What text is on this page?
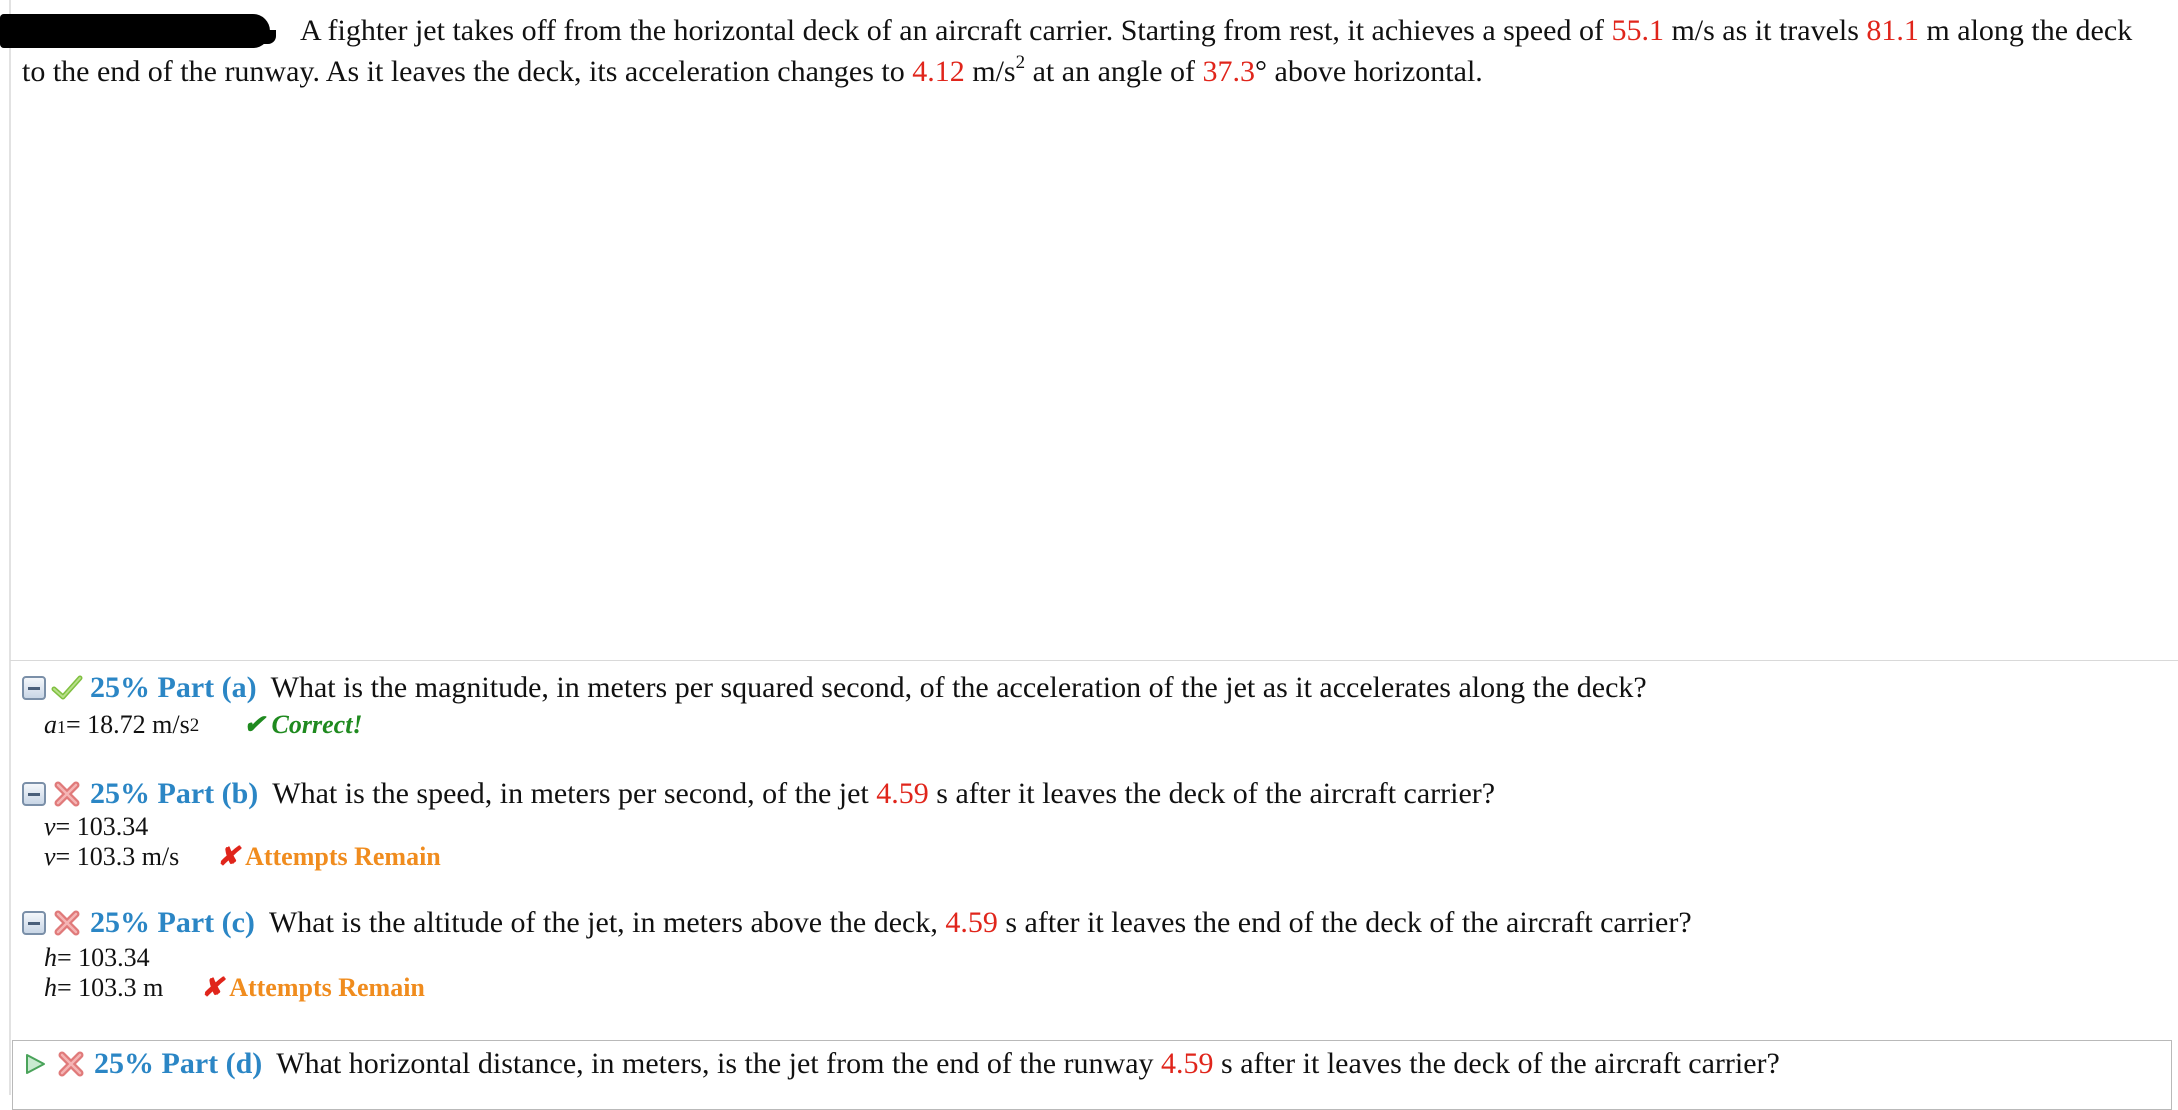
A fighter jet takes off from the horizontal deck of an aircraft carrier. Starting from rest, it achieves a speed of 55.1 m/s as it travels 81.1 m along the deck to the end of the runway. As it leaves the deck, its acceleration changes to 4.12 $m/s^2$ at an angle of 37.3° above horizontal.
25% Part (a) What is the magnitude, in meters per squared second, of the acceleration of the jet as it accelerates along the deck?
a 1 = 18.72 $m/s^2$ ✔ Correct!
25% Part (b) What is the speed, in meters per second, of the jet 4.59 s after it leaves the deck of the aircraft carrier?
v = 103.34
v = 103.3 m/s ✘ Attempts Remain
25% Part (c) What is the altitude of the jet, in meters above the deck, 4.59 s after it leaves the end of the deck of the aircraft carrier?
h = 103.34
h = 103.3 m ✘ Attempts Remain
25% Part (d) What horizontal distance, in meters, is the jet from the end of the runway 4.59 s after it leaves the deck of the aircraft carrier?
